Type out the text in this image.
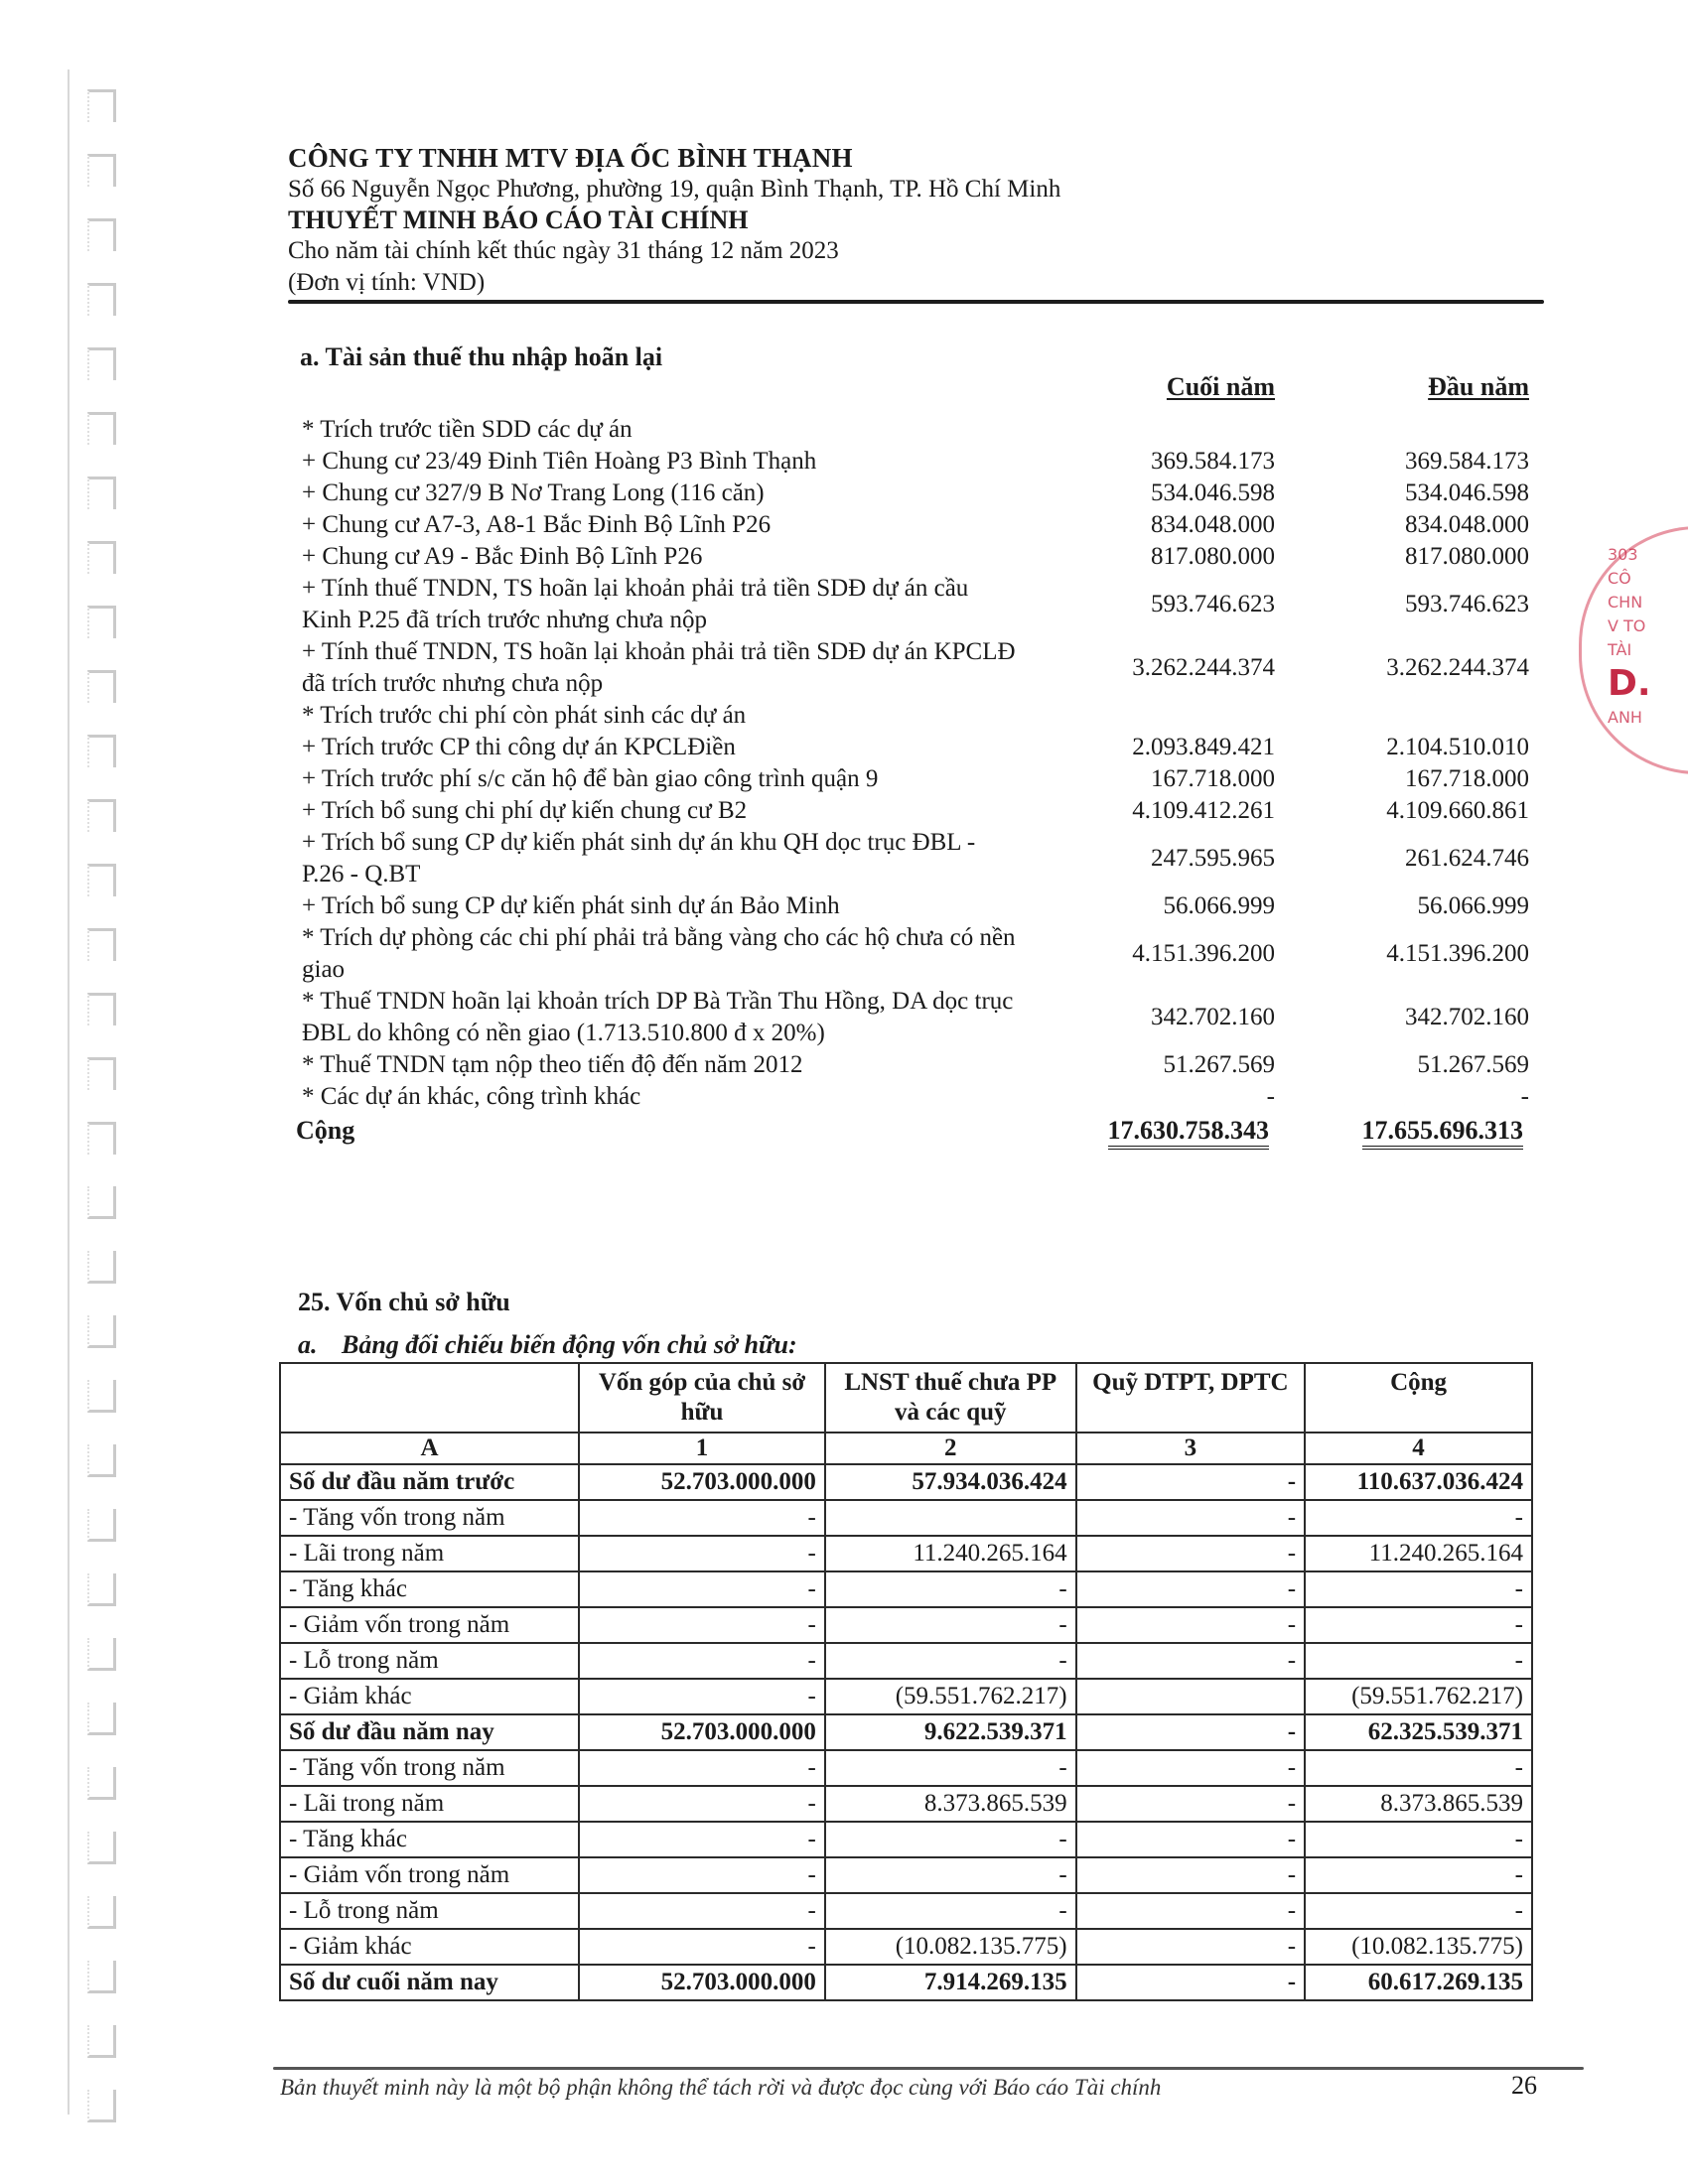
CÔNG TY TNHH MTV ĐỊA ỐC BÌNH THẠNH
Số 66 Nguyễn Ngọc Phương, phường 19, quận Bình Thạnh, TP. Hồ Chí Minh
THUYẾT MINH BÁO CÁO TÀI CHÍNH
Cho năm tài chính kết thúc ngày 31 tháng 12 năm 2023
(Đơn vị tính: VND)
a. Tài sản thuế thu nhập hoãn lại
Cuối năm	Đầu năm
* Trích trước tiền SDD các dự án
+ Chung cư 23/49 Đinh Tiên Hoàng P3 Bình Thạnh	369.584.173	369.584.173
+ Chung cư 327/9 B Nơ Trang Long (116 căn)	534.046.598	534.046.598
+ Chung cư A7-3, A8-1 Bắc Đinh Bộ Lĩnh P26	834.048.000	834.048.000
+ Chung cư A9 - Bắc Đinh Bộ Lĩnh P26	817.080.000	817.080.000
+ Tính thuế TNDN, TS hoãn lại khoản phải trả tiền SDĐ dự án cầu Kinh P.25 đã trích trước nhưng chưa nộp
593.746.623	593.746.623
+ Tính thuế TNDN, TS hoãn lại khoản phải trả tiền SDĐ dự án KPCLĐ đã trích trước nhưng chưa nộp
3.262.244.374	3.262.244.374
* Trích trước chi phí còn phát sinh các dự án
+ Trích trước CP thi công dự án KPCLĐiền	2.093.849.421	2.104.510.010
+ Trích trước phí s/c căn hộ để bàn giao công trình quận 9	167.718.000	167.718.000
+ Trích bổ sung chi phí dự kiến chung cư B2	4.109.412.261	4.109.660.861
+ Trích bổ sung CP dự kiến phát sinh dự án khu QH dọc trục ĐBL - P.26 - Q.BT
247.595.965	261.624.746
+ Trích bổ sung CP dự kiến phát sinh dự án Bảo Minh	56.066.999	56.066.999
* Trích dự phòng các chi phí phải trả bằng vàng cho các hộ chưa có nền giao
4.151.396.200	4.151.396.200
* Thuế TNDN hoãn lại khoản trích DP Bà Trần Thu Hồng, DA dọc trục ĐBL do không có nền giao (1.713.510.800 đ x 20%)
342.702.160	342.702.160
* Thuế TNDN tạm nộp theo tiến độ đến năm 2012	51.267.569	51.267.569
* Các dự án khác, công trình khác	-	-
Cộng	17.630.758.343	17.655.696.313
25. Vốn chủ sở hữu
a. Bảng đối chiếu biến động vốn chủ sở hữu:
	Vốn góp của chủ sở hữu	LNST thuế chưa PP và các quỹ	Quỹ DTPT, DPTC	Cộng
A	1	2	3	4
Số dư đầu năm trước	52.703.000.000	57.934.036.424	-	110.637.036.424
- Tăng vốn trong năm	-		-	-
- Lãi trong năm	-	11.240.265.164	-	11.240.265.164
- Tăng khác	-	-	-	-
- Giảm vốn trong năm	-	-	-	-
- Lỗ trong năm	-	-	-	-
- Giảm khác	-	(59.551.762.217)		(59.551.762.217)
Số dư đầu năm nay	52.703.000.000	9.622.539.371	-	62.325.539.371
- Tăng vốn trong năm	-	-	-	-
- Lãi trong năm	-	8.373.865.539	-	8.373.865.539
- Tăng khác	-	-	-	-
- Giảm vốn trong năm	-	-	-	-
- Lỗ trong năm	-	-	-	-
- Giảm khác	-	(10.082.135.775)	-	(10.082.135.775)
Số dư cuối năm nay	52.703.000.000	7.914.269.135	-	60.617.269.135
Bản thuyết minh này là một bộ phận không thể tách rời và được đọc cùng với Báo cáo Tài chính	26
303
CÔ
CHN
V TO
TÀI
D.
ANH
